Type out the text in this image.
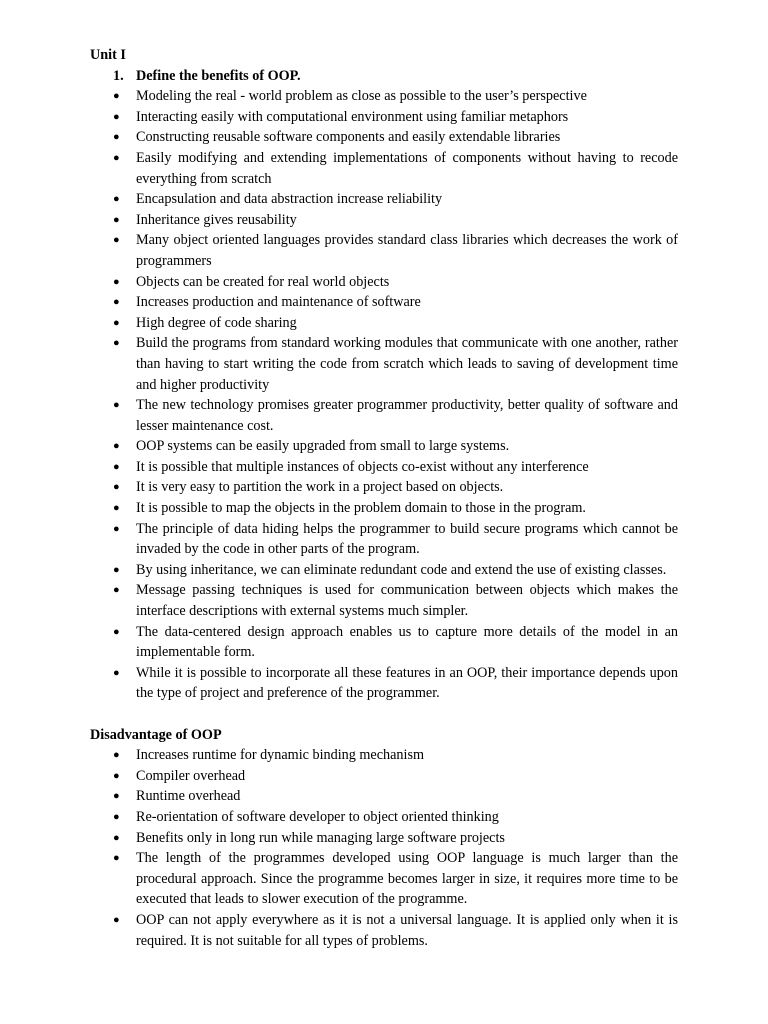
Unit I

1. Define the benefits of OOP.

● Modeling the real - world problem as close as possible to the user’s perspective
● Interacting easily with computational environment using familiar metaphors
● Constructing reusable software components and easily extendable libraries
● Easily modifying and extending implementations of components without having to recode everything from scratch
● Encapsulation and data abstraction increase reliability
● Inheritance gives reusability
● Many object oriented languages provides standard class libraries which decreases the work of programmers
● Objects can be created for real world objects
● Increases production and maintenance of software
● High degree of code sharing
● Build the programs from standard working modules that communicate with one another, rather than having to start writing the code from scratch which leads to saving of development time and higher productivity
● The new technology promises greater programmer productivity, better quality of software and lesser maintenance cost.
● OOP systems can be easily upgraded from small to large systems.
● It is possible that multiple instances of objects co-exist without any interference
● It is very easy to partition the work in a project based on objects.
● It is possible to map the objects in the problem domain to those in the program.
● The principle of data hiding helps the programmer to build secure programs which cannot be invaded by the code in other parts of the program.
● By using inheritance, we can eliminate redundant code and extend the use of existing classes.
● Message passing techniques is used for communication between objects which makes the interface descriptions with external systems much simpler.
● The data-centered design approach enables us to capture more details of the model in an implementable form.
● While it is possible to incorporate all these features in an OOP, their importance depends upon the type of project and preference of the programmer.

Disadvantage of OOP

● Increases runtime for dynamic binding mechanism
● Compiler overhead
● Runtime overhead
● Re-orientation of software developer to object oriented thinking
● Benefits only in long run while managing large software projects
● The length of the programmes developed using OOP language is much larger than the procedural approach. Since the programme becomes larger in size, it requires more time to be executed that leads to slower execution of the programme.
● OOP can not apply everywhere as it is not a universal language. It is applied only when it is required. It is not suitable for all types of problems.
